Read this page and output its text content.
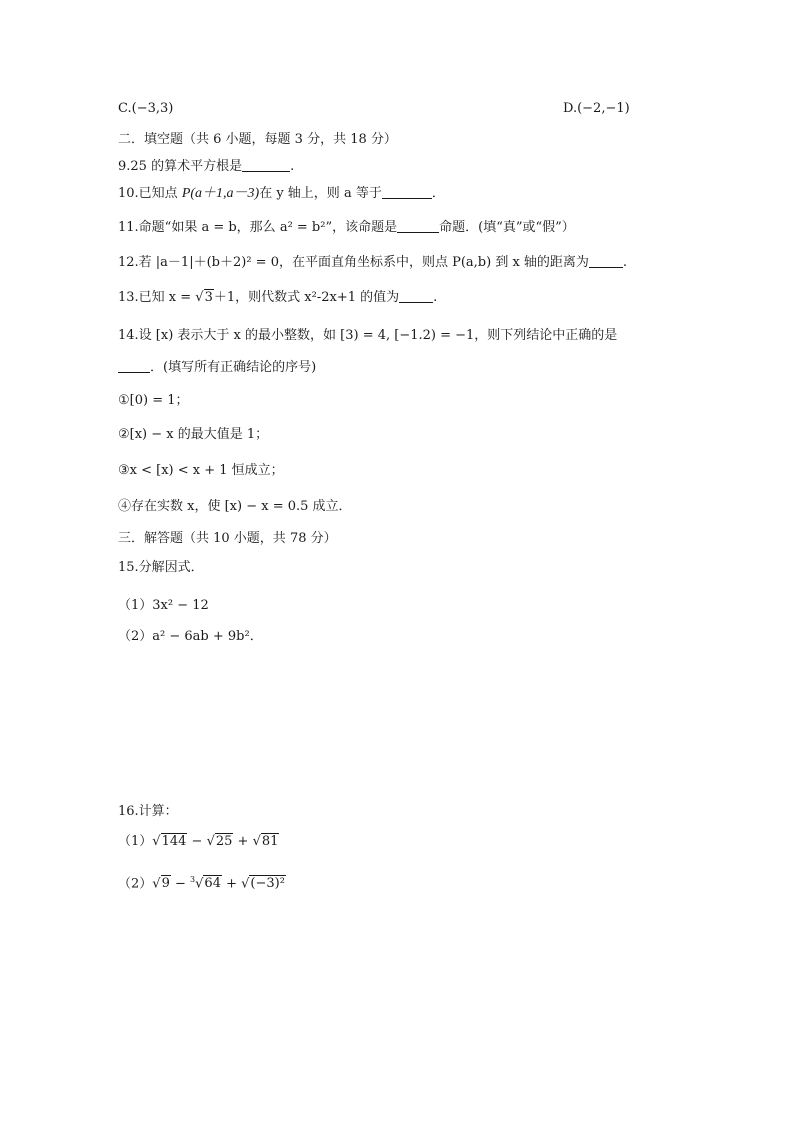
C.(−3,3)	D.(−2,−1)
二．填空题（共 6 小题，每题 3 分，共 18 分）
9.25 的算术平方根是	.
10.已知点 P(a＋1,a－3)在 y 轴上，则 a 等于	．
11.命题“如果 a = b，那么 a² = b²”，该命题是	命题．(填“真”或“假”）
12.若 |a－1|＋(b＋2)² = 0，在平面直角坐标系中，则点 P(a,b) 到 x 轴的距离为	.
13.已知 x = √3＋1，则代数式 x²-2x+1 的值为	.
14.设 [x) 表示大于 x 的最小整数，如 [3) = 4, [−1.2) = −1，则下列结论中正确的是
．(填写所有正确结论的序号)
①[0) = 1；
②[x) − x 的最大值是 1；
③x < [x) < x + 1 恒成立；
④存在实数 x，使 [x) − x = 0.5 成立．
三．解答题（共 10 小题，共 78 分）
15.分解因式．
（1）3x² − 12
（2）a² − 6ab + 9b²．
16.计算：
（1）√144 − √25 + √81
（2）√9 − $^3$√64 + √(−3)²
